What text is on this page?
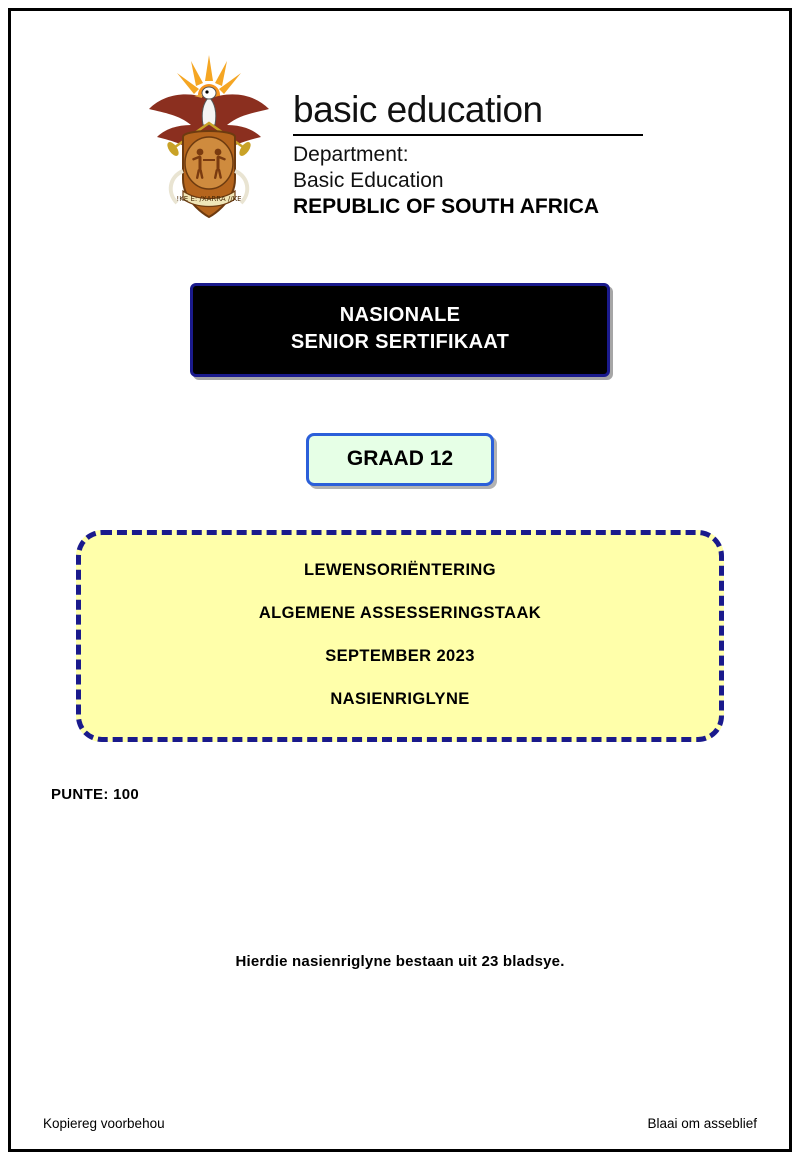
!KE E: /XARRA //KE
basic education
Department:
Basic Education
REPUBLIC OF SOUTH AFRICA
NASIONALE
SENIOR SERTIFIKAAT
GRAAD 12
LEWENSORIËNTERING
ALGEMENE ASSESSERINGSTAAK
SEPTEMBER 2023
NASIENRIGLYNE
PUNTE: 100
Hierdie nasienriglyne bestaan uit 23 bladsye.
Kopiereg voorbehou	Blaai om asseblief
